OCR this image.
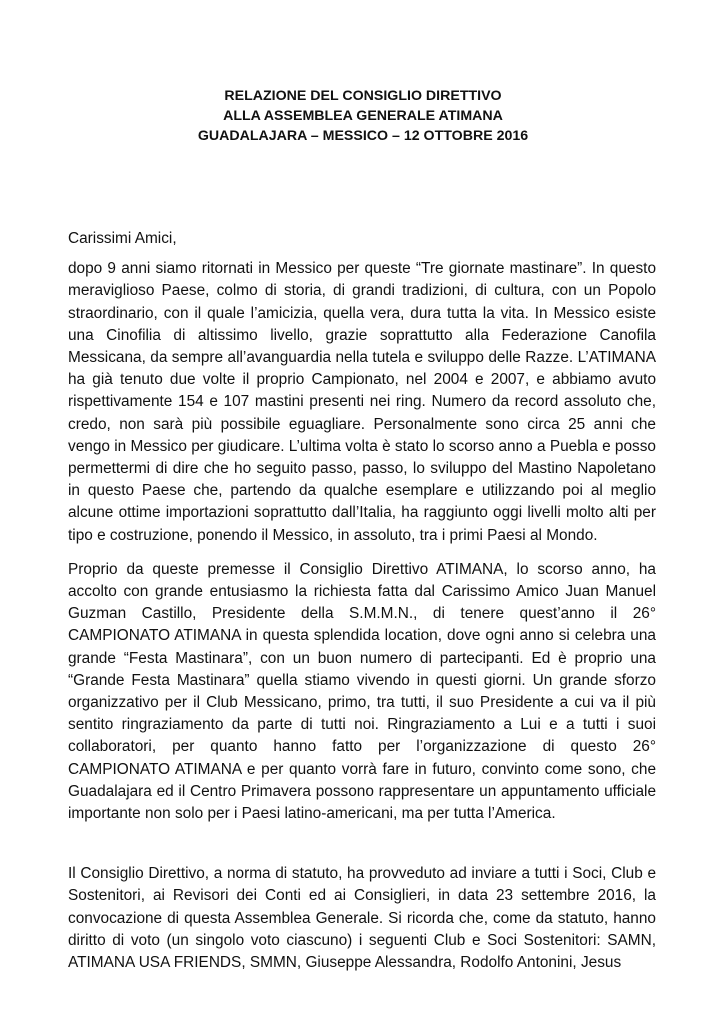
RELAZIONE DEL CONSIGLIO DIRETTIVO
ALLA ASSEMBLEA GENERALE ATIMANA
GUADALAJARA – MESSICO – 12 OTTOBRE 2016

Carissimi Amici,

dopo 9 anni siamo ritornati in Messico per queste “Tre giornate mastinare”. In questo meraviglioso Paese, colmo di storia, di grandi tradizioni, di cultura, con un Popolo straordinario, con il quale l’amicizia, quella vera, dura tutta la vita. In Messico esiste una Cinofilia di altissimo livello, grazie soprattutto alla Federazione Canofila Messicana, da sempre all’avanguardia nella tutela e sviluppo delle Razze. L’ATIMANA ha già tenuto due volte il proprio Campionato, nel 2004 e 2007, e abbiamo avuto rispettivamente 154 e 107 mastini presenti nei ring. Numero da record assoluto che, credo, non sarà più possibile eguagliare. Personalmente sono circa 25 anni che vengo in Messico per giudicare. L’ultima volta è stato lo scorso anno a Puebla e posso permettermi di dire che ho seguito passo, passo, lo sviluppo del Mastino Napoletano in questo Paese che, partendo da qualche esemplare e utilizzando poi al meglio alcune ottime importazioni soprattutto dall’Italia, ha raggiunto oggi livelli molto alti per tipo e costruzione, ponendo il Messico, in assoluto, tra i primi Paesi al Mondo.

Proprio da queste premesse il Consiglio Direttivo ATIMANA, lo scorso anno, ha accolto con grande entusiasmo la richiesta fatta dal Carissimo Amico Juan Manuel Guzman Castillo, Presidente della S.M.M.N., di tenere quest’anno il 26° CAMPIONATO ATIMANA in questa splendida location, dove ogni anno si celebra una grande “Festa Mastinara”, con un buon numero di partecipanti. Ed è proprio una “Grande Festa Mastinara” quella stiamo vivendo in questi giorni. Un grande sforzo organizzativo per il Club Messicano, primo, tra tutti, il suo Presidente a cui va il più sentito ringraziamento da parte di tutti noi. Ringraziamento a Lui e a tutti i suoi collaboratori, per quanto hanno fatto per l’organizzazione di questo 26° CAMPIONATO ATIMANA e per quanto vorrà fare in futuro, convinto come sono, che Guadalajara ed il Centro Primavera possono rappresentare un appuntamento ufficiale importante non solo per i Paesi latino-americani, ma per tutta l’America.

Il Consiglio Direttivo, a norma di statuto, ha provveduto ad inviare a tutti i Soci, Club e Sostenitori, ai Revisori dei Conti ed ai Consiglieri, in data 23 settembre 2016, la convocazione di questa Assemblea Generale. Si ricorda che, come da statuto, hanno diritto di voto (un singolo voto ciascuno) i seguenti Club e Soci Sostenitori: SAMN, ATIMANA USA FRIENDS, SMMN, Giuseppe Alessandra, Rodolfo Antonini, Jesus
